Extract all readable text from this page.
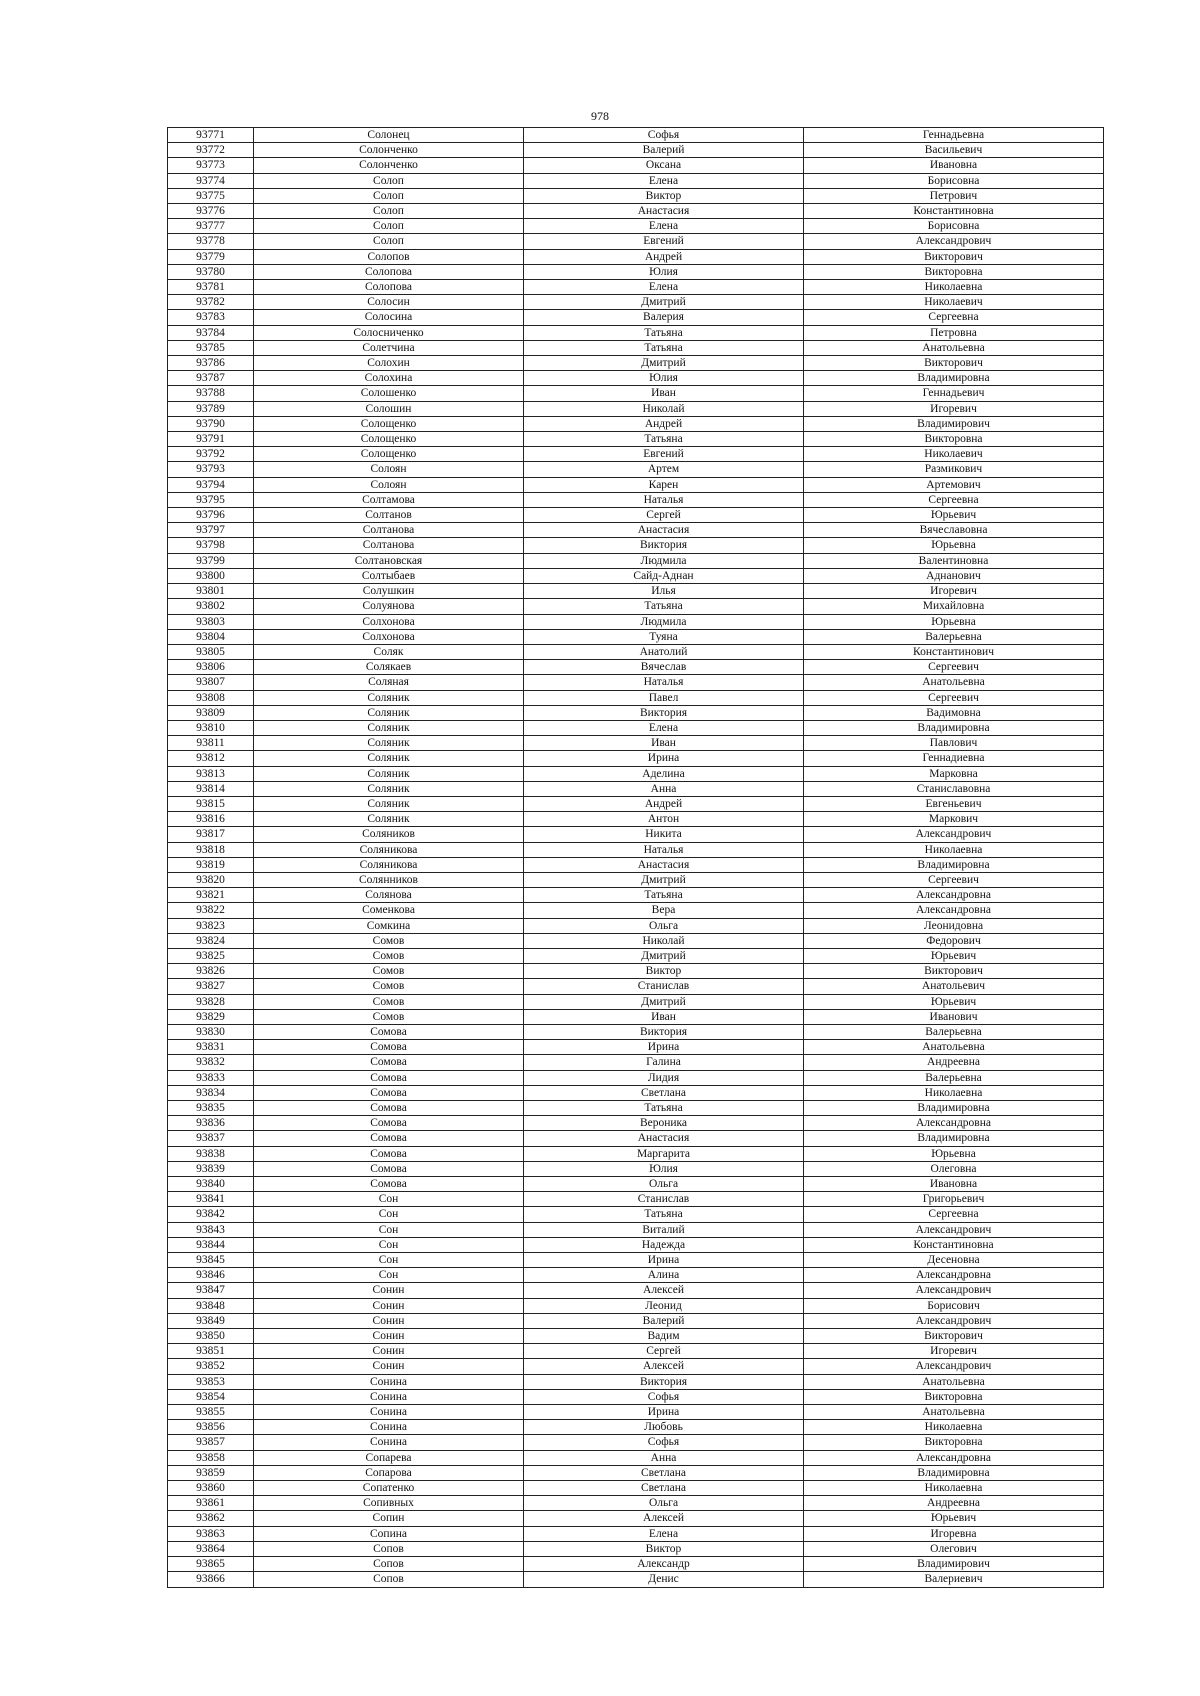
978
93771	Солонец	Софья	Геннадьевна
93772	Солонченко	Валерий	Васильевич
93773	Солонченко	Оксана	Ивановна
93774	Солоп	Елена	Борисовна
93775	Солоп	Виктор	Петрович
93776	Солоп	Анастасия	Константиновна
93777	Солоп	Елена	Борисовна
93778	Солоп	Евгений	Александрович
93779	Солопов	Андрей	Викторович
93780	Солопова	Юлия	Викторовна
93781	Солопова	Елена	Николаевна
93782	Солосин	Дмитрий	Николаевич
93783	Солосина	Валерия	Сергеевна
93784	Солосниченко	Татьяна	Петровна
93785	Солетчина	Татьяна	Анатольевна
93786	Солохин	Дмитрий	Викторович
93787	Солохина	Юлия	Владимировна
93788	Солошенко	Иван	Геннадьевич
93789	Солошин	Николай	Игоревич
93790	Солощенко	Андрей	Владимирович
93791	Солощенко	Татьяна	Викторовна
93792	Солощенко	Евгений	Николаевич
93793	Солоян	Артем	Размикович
93794	Солоян	Карен	Артемович
93795	Солтамова	Наталья	Сергеевна
93796	Солтанов	Сергей	Юрьевич
93797	Солтанова	Анастасия	Вячеславовна
93798	Солтанова	Виктория	Юрьевна
93799	Солтановская	Людмила	Валентиновна
93800	Солтыбаев	Сайд-Аднан	Аднанович
93801	Солушкин	Илья	Игоревич
93802	Солуянова	Татьяна	Михайловна
93803	Солхонова	Людмила	Юрьевна
93804	Солхонова	Туяна	Валерьевна
93805	Соляк	Анатолий	Константинович
93806	Солякаев	Вячеслав	Сергеевич
93807	Соляная	Наталья	Анатольевна
93808	Соляник	Павел	Сергеевич
93809	Соляник	Виктория	Вадимовна
93810	Соляник	Елена	Владимировна
93811	Соляник	Иван	Павлович
93812	Соляник	Ирина	Геннадиевна
93813	Соляник	Аделина	Марковна
93814	Соляник	Анна	Станиславовна
93815	Соляник	Андрей	Евгеньевич
93816	Соляник	Антон	Маркович
93817	Соляников	Никита	Александрович
93818	Соляникова	Наталья	Николаевна
93819	Соляникова	Анастасия	Владимировна
93820	Солянников	Дмитрий	Сергеевич
93821	Солянова	Татьяна	Александровна
93822	Соменкова	Вера	Александровна
93823	Сомкина	Ольга	Леонидовна
93824	Сомов	Николай	Федорович
93825	Сомов	Дмитрий	Юрьевич
93826	Сомов	Виктор	Викторович
93827	Сомов	Станислав	Анатольевич
93828	Сомов	Дмитрий	Юрьевич
93829	Сомов	Иван	Иванович
93830	Сомова	Виктория	Валерьевна
93831	Сомова	Ирина	Анатольевна
93832	Сомова	Галина	Андреевна
93833	Сомова	Лидия	Валерьевна
93834	Сомова	Светлана	Николаевна
93835	Сомова	Татьяна	Владимировна
93836	Сомова	Вероника	Александровна
93837	Сомова	Анастасия	Владимировна
93838	Сомова	Маргарита	Юрьевна
93839	Сомова	Юлия	Олеговна
93840	Сомова	Ольга	Ивановна
93841	Сон	Станислав	Григорьевич
93842	Сон	Татьяна	Сергеевна
93843	Сон	Виталий	Александрович
93844	Сон	Надежда	Константиновна
93845	Сон	Ирина	Десеновна
93846	Сон	Алина	Александровна
93847	Сонин	Алексей	Александрович
93848	Сонин	Леонид	Борисович
93849	Сонин	Валерий	Александрович
93850	Сонин	Вадим	Викторович
93851	Сонин	Сергей	Игоревич
93852	Сонин	Алексей	Александрович
93853	Сонина	Виктория	Анатольевна
93854	Сонина	Софья	Викторовна
93855	Сонина	Ирина	Анатольевна
93856	Сонина	Любовь	Николаевна
93857	Сонина	Софья	Викторовна
93858	Сопарева	Анна	Александровна
93859	Сопарова	Светлана	Владимировна
93860	Сопатенко	Светлана	Николаевна
93861	Сопивных	Ольга	Андреевна
93862	Сопин	Алексей	Юрьевич
93863	Сопина	Елена	Игоревна
93864	Сопов	Виктор	Олегович
93865	Сопов	Александр	Владимирович
93866	Сопов	Денис	Валериевич
